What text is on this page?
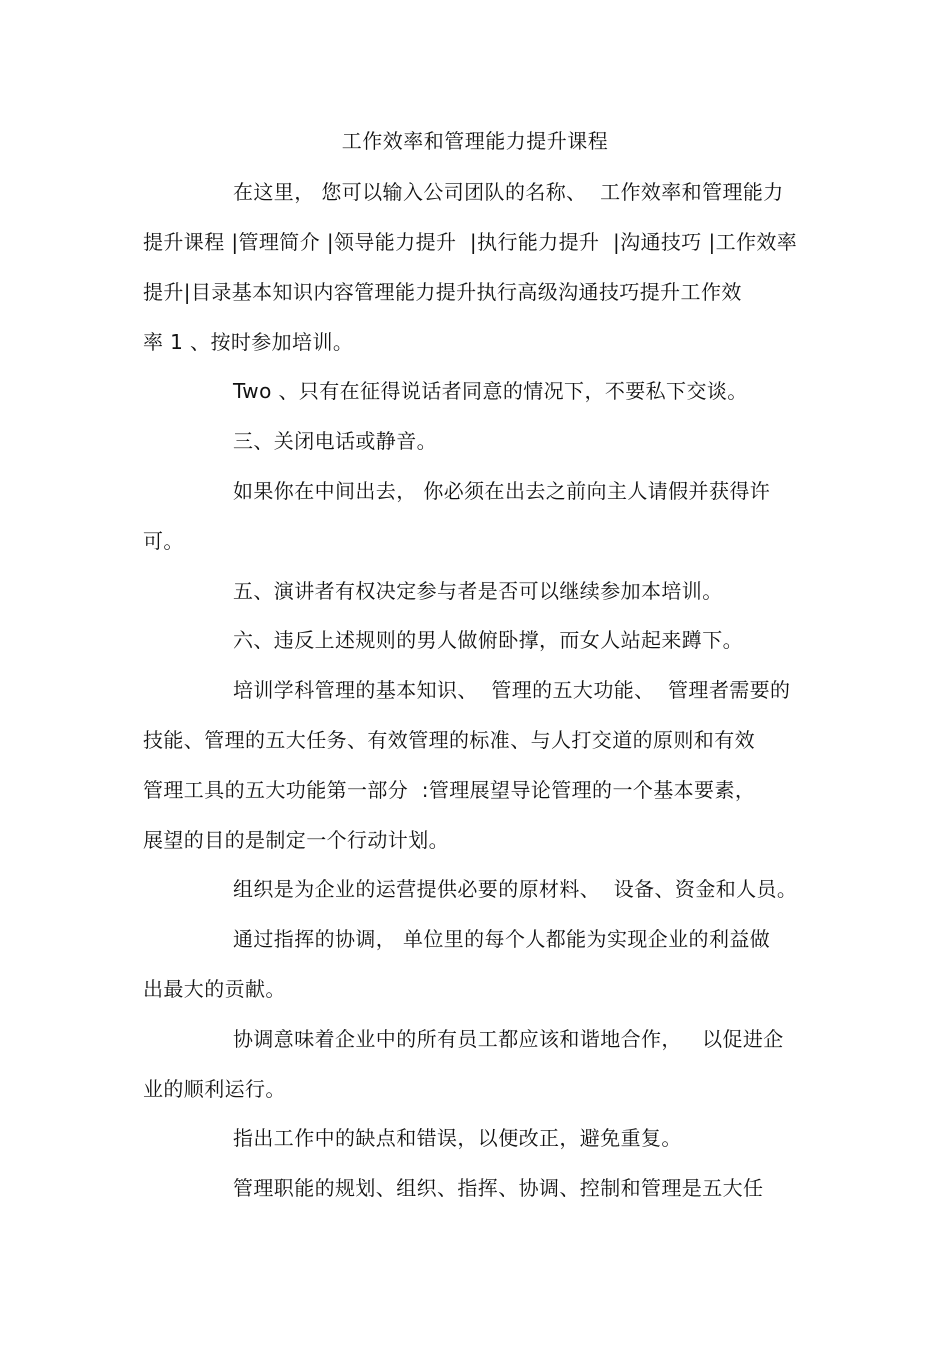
工作效率和管理能力提升课程
在这里， 您可以输入公司团队的名称、  工作效率和管理能力
提升课程 |管理简介 |领导能力提升  |执行能力提升  |沟通技巧 |工作效率
提升|目录基本知识内容管理能力提升执行高级沟通技巧提升工作效
率 1 、按时参加培训。
Two 、只有在征得说话者同意的情况下，不要私下交谈。
三、关闭电话或静音。
如果你在中间出去， 你必须在出去之前向主人请假并获得许
可。
五、演讲者有权决定参与者是否可以继续参加本培训。
六、违反上述规则的男人做俯卧撑，而女人站起来蹲下。
培训学科管理的基本知识、  管理的五大功能、  管理者需要的
技能、管理的五大任务、有效管理的标准、与人打交道的原则和有效
管理工具的五大功能第一部分  :管理展望导论管理的一个基本要素，
展望的目的是制定一个行动计划。
组织是为企业的运营提供必要的原材料、  设备、资金和人员。
通过指挥的协调， 单位里的每个人都能为实现企业的利益做
出最大的贡献。
协调意味着企业中的所有员工都应该和谐地合作，   以促进企
业的顺利运行。
指出工作中的缺点和错误，以便改正，避免重复。
管理职能的规划、组织、指挥、协调、控制和管理是五大任
